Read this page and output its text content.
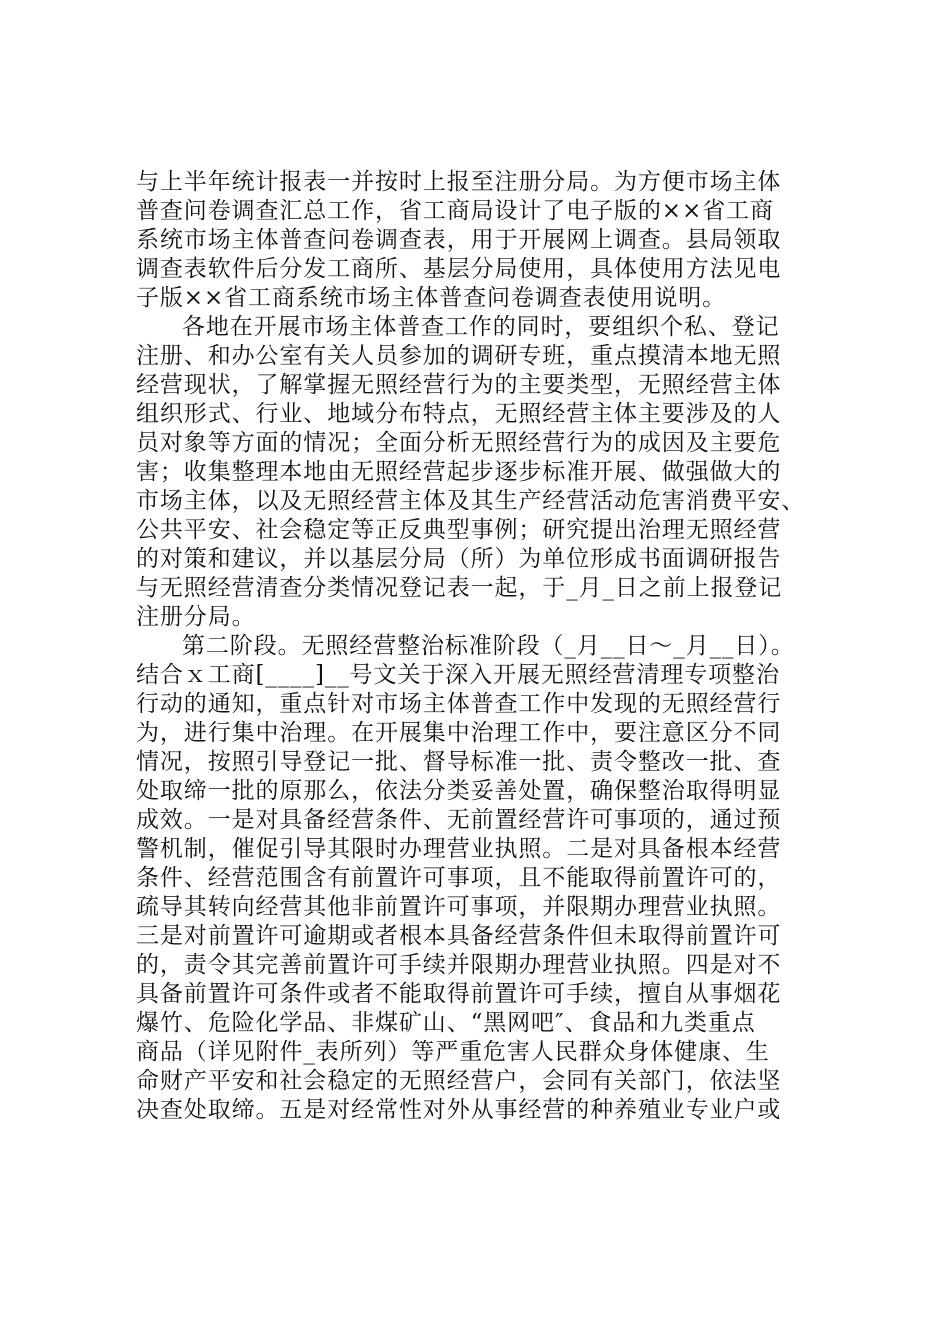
与上半年统计报表一并按时上报至注册分局。为方便市场主体
普查问卷调查汇总工作，省工商局设计了电子版的××省工商
系统市场主体普查问卷调查表，用于开展网上调查。县局领取
调查表软件后分发工商所、基层分局使用，具体使用方法见电
子版××省工商系统市场主体普查问卷调查表使用说明。
各地在开展市场主体普查工作的同时，要组织个私、登记
注册、和办公室有关人员参加的调研专班，重点摸清本地无照
经营现状，了解掌握无照经营行为的主要类型，无照经营主体
组织形式、行业、地域分布特点，无照经营主体主要涉及的人
员对象等方面的情况；全面分析无照经营行为的成因及主要危
害；收集整理本地由无照经营起步逐步标准开展、做强做大的
市场主体，以及无照经营主体及其生产经营活动危害消费平安、
公共平安、社会稳定等正反典型事例；研究提出治理无照经营
的对策和建议，并以基层分局（所）为单位形成书面调研报告
与无照经营清查分类情况登记表一起，于_月_日之前上报登记
注册分局。
第二阶段。无照经营整治标准阶段（_月__日～_月__日）。
结合ｘ工商[____]__号文关于深入开展无照经营清理专项整治
行动的通知，重点针对市场主体普查工作中发现的无照经营行
为，进行集中治理。在开展集中治理工作中，要注意区分不同
情况，按照引导登记一批、督导标准一批、责令整改一批、查
处取缔一批的原那么，依法分类妥善处置，确保整治取得明显
成效。一是对具备经营条件、无前置经营许可事项的，通过预
警机制，催促引导其限时办理营业执照。二是对具备根本经营
条件、经营范围含有前置许可事项，且不能取得前置许可的，
疏导其转向经营其他非前置许可事项，并限期办理营业执照。
三是对前置许可逾期或者根本具备经营条件但未取得前置许可
的，责令其完善前置许可手续并限期办理营业执照。四是对不
具备前置许可条件或者不能取得前置许可手续，擅自从事烟花
爆竹、危险化学品、非煤矿山、“黑网吧″、食品和九类重点
商品（详见附件_表所列）等严重危害人民群众身体健康、生
命财产平安和社会稳定的无照经营户，会同有关部门，依法坚
决查处取缔。五是对经常性对外从事经营的种养殖业专业户或
